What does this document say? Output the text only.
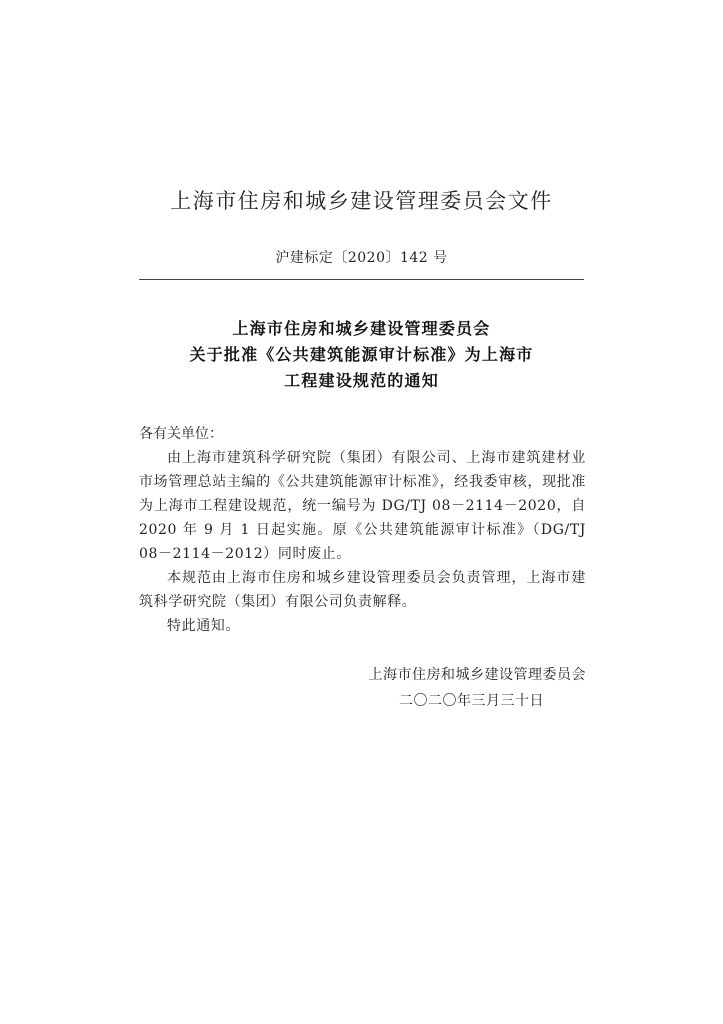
上海市住房和城乡建设管理委员会文件
沪建标定〔2020〕142 号
上海市住房和城乡建设管理委员会
关于批准《公共建筑能源审计标准》为上海市
工程建设规范的通知

各有关单位：

由上海市建筑科学研究院（集团）有限公司、上海市建筑建材业市场管理总站主编的《公共建筑能源审计标准》，经我委审核，现批准为上海市工程建设规范，统一编号为 DG/TJ 08－2114－2020，自 2020 年 9 月 1 日起实施。原《公共建筑能源审计标准》（DG/TJ 08－2114－2012）同时废止。

本规范由上海市住房和城乡建设管理委员会负责管理，上海市建筑科学研究院（集团）有限公司负责解释。

特此通知。

上海市住房和城乡建设管理委员会
二〇二〇年三月三十日
